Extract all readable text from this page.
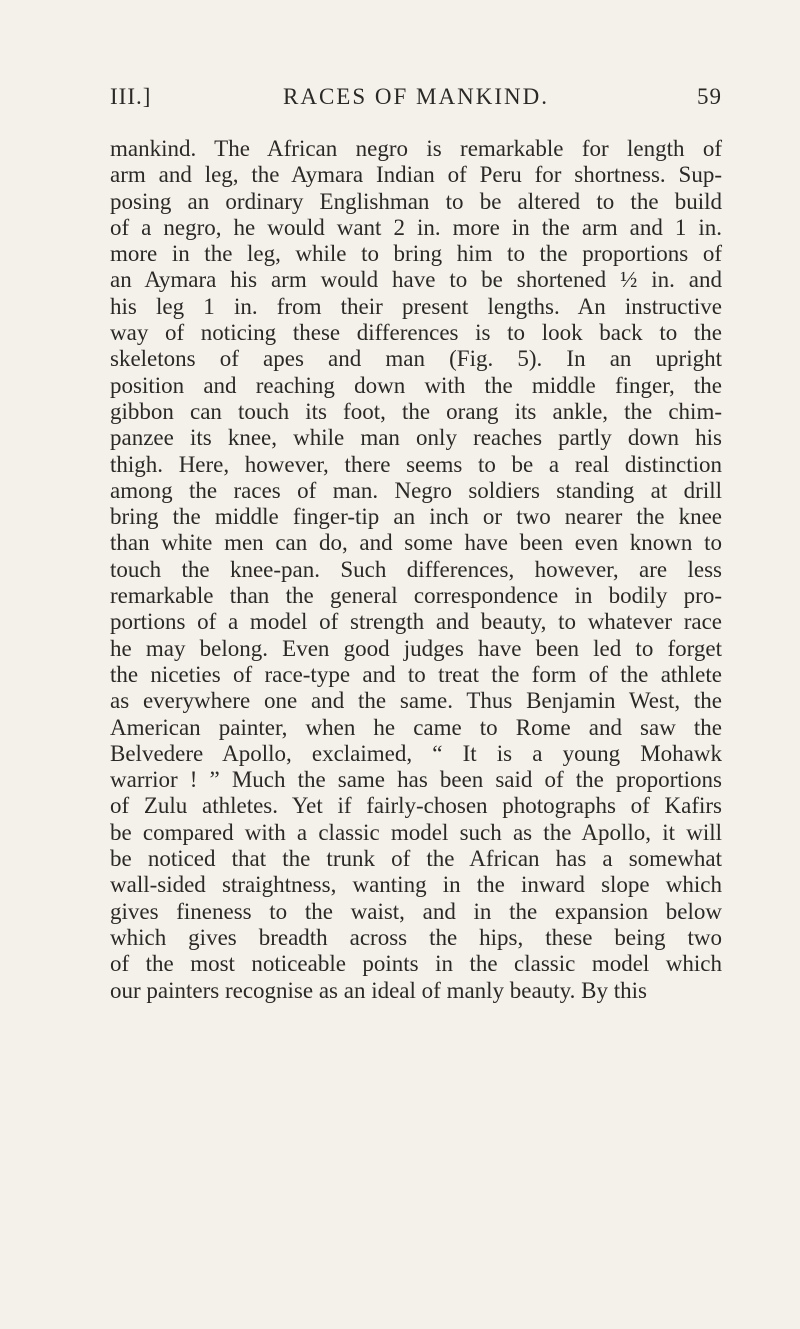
III.]	RACES OF MANKIND.	59
mankind. The African negro is remarkable for length of
arm and leg, the Aymara Indian of Peru for shortness. Sup-
posing an ordinary Englishman to be altered to the build
of a negro, he would want 2 in. more in the arm and 1 in.
more in the leg, while to bring him to the proportions of
an Aymara his arm would have to be shortened ½ in. and
his leg 1 in. from their present lengths. An instructive
way of noticing these differences is to look back to the
skeletons of apes and man (Fig. 5). In an upright
position and reaching down with the middle finger, the
gibbon can touch its foot, the orang its ankle, the chim-
panzee its knee, while man only reaches partly down his
thigh. Here, however, there seems to be a real distinction
among the races of man. Negro soldiers standing at drill
bring the middle finger-tip an inch or two nearer the knee
than white men can do, and some have been even known to
touch the knee-pan. Such differences, however, are less
remarkable than the general correspondence in bodily pro-
portions of a model of strength and beauty, to whatever race
he may belong. Even good judges have been led to forget
the niceties of race-type and to treat the form of the athlete
as everywhere one and the same. Thus Benjamin West, the
American painter, when he came to Rome and saw the
Belvedere Apollo, exclaimed, “ It is a young Mohawk
warrior ! ” Much the same has been said of the proportions
of Zulu athletes. Yet if fairly-chosen photographs of Kafirs
be compared with a classic model such as the Apollo, it will
be noticed that the trunk of the African has a somewhat
wall-sided straightness, wanting in the inward slope which
gives fineness to the waist, and in the expansion below
which gives breadth across the hips, these being two
of the most noticeable points in the classic model which
our painters recognise as an ideal of manly beauty. By this
